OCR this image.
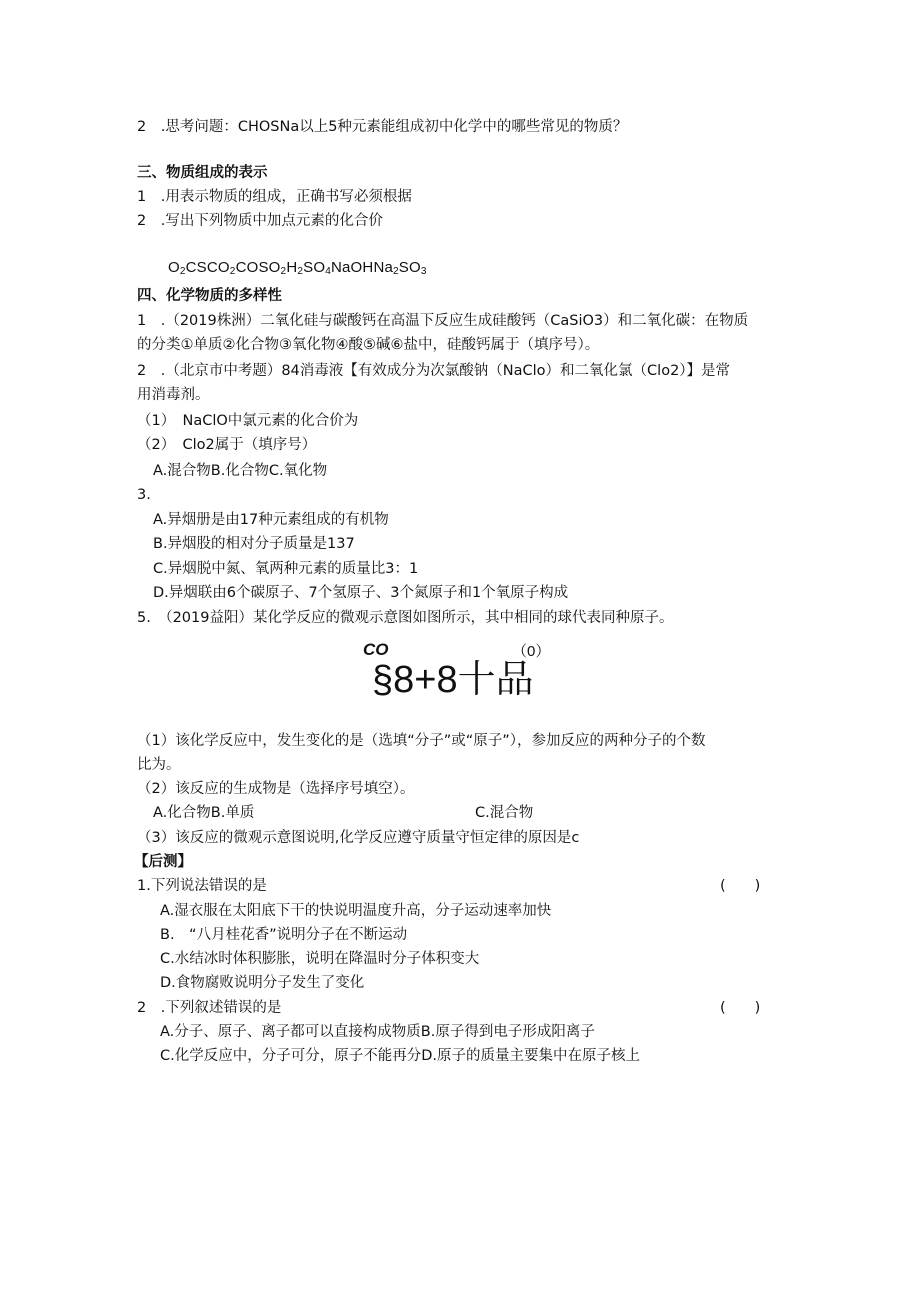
2　.思考问题：CHOSNa以上5种元素能组成初中化学中的哪些常见的物质？
三、物质组成的表示
1　.用表示物质的组成，正确书写必须根据
2　.写出下列物质中加点元素的化合价
$O_2CSCO_2COSO_2H_2SO_4NaOHNa_2SO_3$
四、化学物质的多样性
1　.（2019株洲）二氧化硅与碳酸钙在高温下反应生成硅酸钙（CaSiO3）和二氧化碳：在物质
的分类①单质②化合物③氧化物④酸⑤碱⑥盐中，硅酸钙属于（填序号）。
2　.（北京市中考题）84消毒液【有效成分为次氯酸钠（NaClo）和二氧化氯（Clo2）】是常
用消毒剂。
（1）　NaClO中氯元素的化合价为
（2）　Clo2属于（填序号）
A.混合物B.化合物C.氧化物
3.
A.异烟册是由17种元素组成的有机物
B.异烟股的相对分子质量是137
C.异烟脱中氮、氧两种元素的质量比3：1
D.异烟联由6个碳原子、7个氢原子、3个氮原子和1个氧原子构成
5.　（2019益阳）某化学反应的微观示意图如图所示，其中相同的球代表同种原子。
CO	（0）
§8+8十品
（1）该化学反应中，发生变化的是（选填“分子”或“原子”），参加反应的两种分子的个数
比为。
（2）该反应的生成物是（选择序号填空）。
A.化合物B.单质	C.混合物
（3）该反应的微观示意图说明,化学反应遵守质量守恒定律的原因是c
【后测】
1.下列说法错误的是	(　　)
A.湿衣服在太阳底下干的快说明温度升高，分子运动速率加快
B.　“八月桂花香”说明分子在不断运动
C.水结冰时体积膨胀，说明在降温时分子体积变大
D.食物腐败说明分子发生了变化
2　.下列叙述错误的是	(　　)
A.分子、原子、离子都可以直接构成物质B.原子得到电子形成阳离子
C.化学反应中，分子可分，原子不能再分D.原子的质量主要集中在原子核上
